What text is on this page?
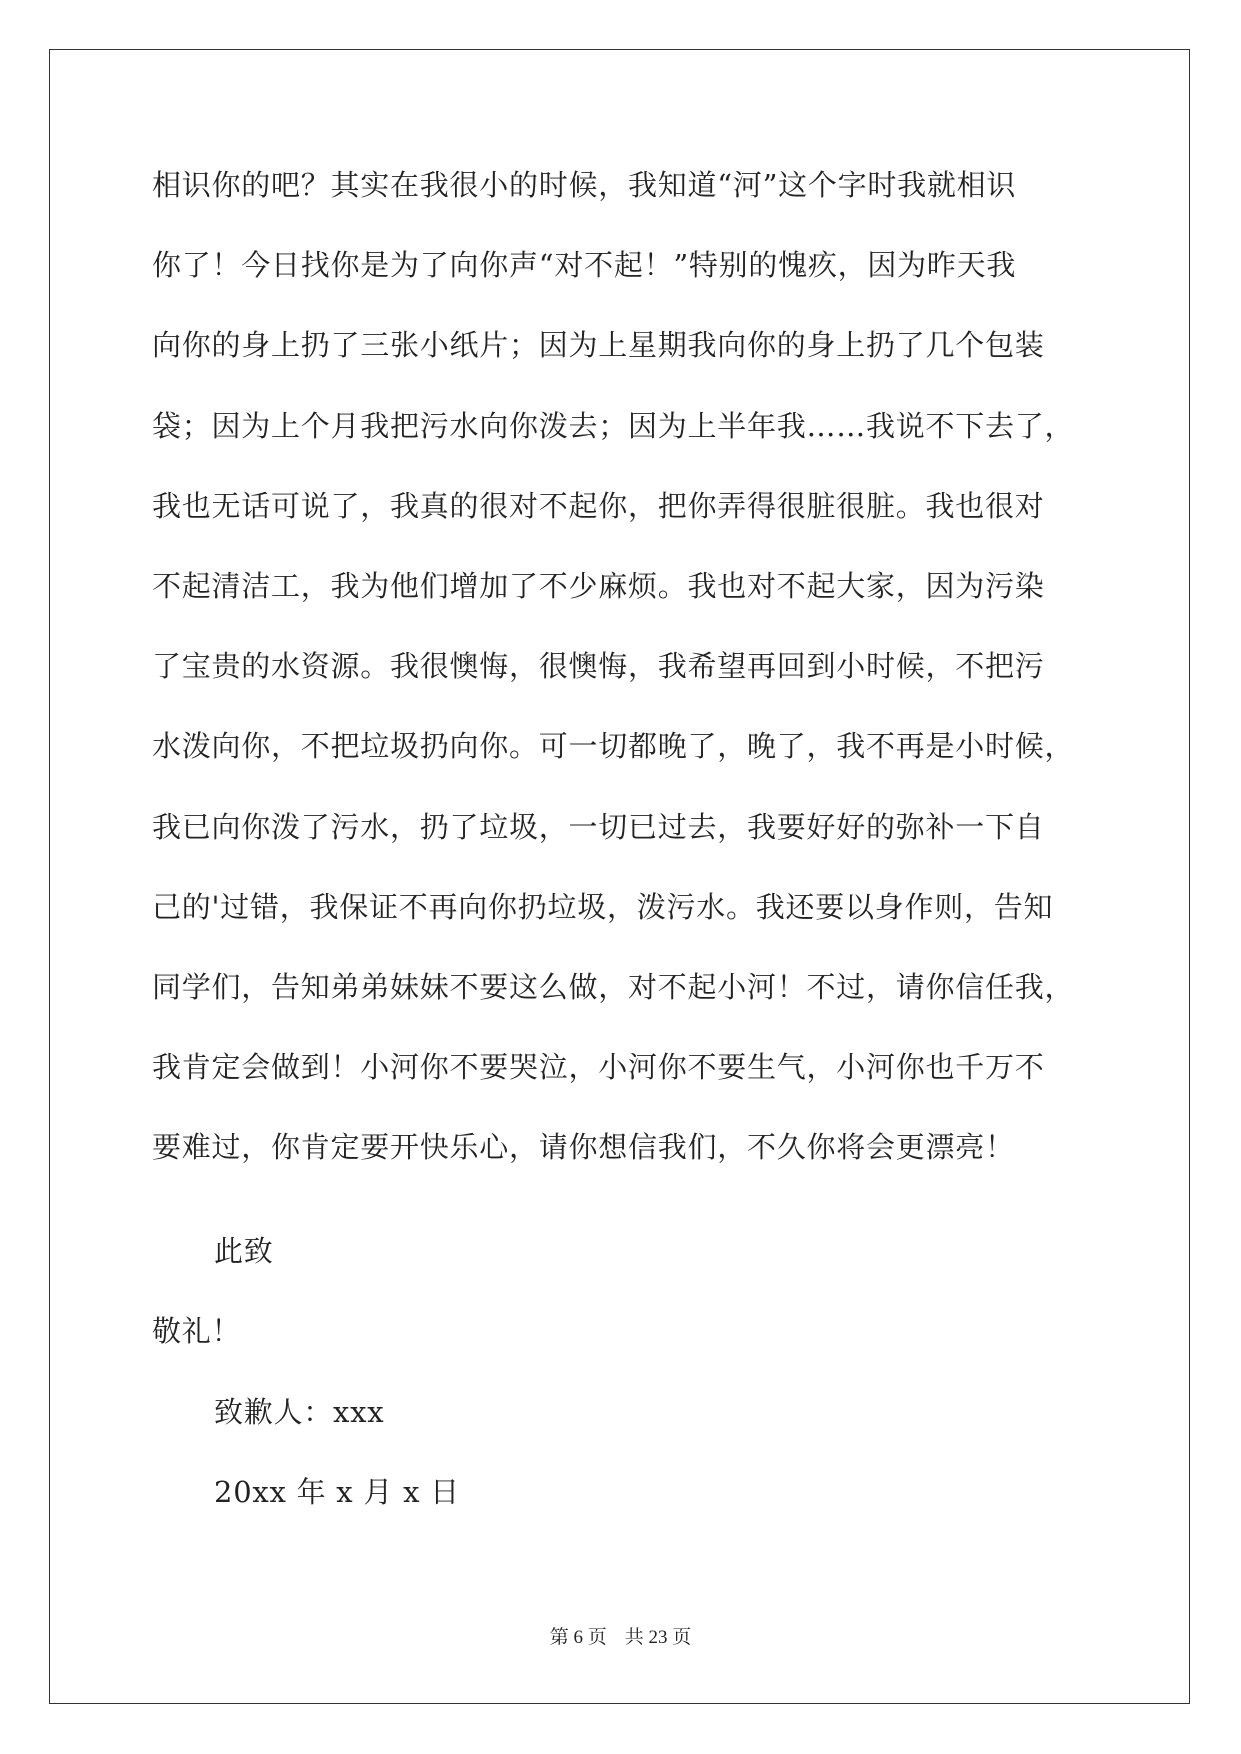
相识你的吧？其实在我很小的时候，我知道“河”这个字时我就相识
你了！今日找你是为了向你声“对不起！”特别的愧疚，因为昨天我
向你的身上扔了三张小纸片；因为上星期我向你的身上扔了几个包装
袋；因为上个月我把污水向你泼去；因为上半年我……我说不下去了，
我也无话可说了，我真的很对不起你，把你弄得很脏很脏。我也很对
不起清洁工，我为他们增加了不少麻烦。我也对不起大家，因为污染
了宝贵的水资源。我很懊悔，很懊悔，我希望再回到小时候，不把污
水泼向你，不把垃圾扔向你。可一切都晚了，晚了，我不再是小时候，
我已向你泼了污水，扔了垃圾，一切已过去，我要好好的弥补一下自
己的'过错，我保证不再向你扔垃圾，泼污水。我还要以身作则，告知
同学们，告知弟弟妹妹不要这么做，对不起小河！不过，请你信任我，
我肯定会做到！小河你不要哭泣，小河你不要生气，小河你也千万不
要难过，你肯定要开快乐心，请你想信我们，不久你将会更漂亮！
此致
敬礼！
致歉人：xxx
20xx 年 x 月 x 日
第 6 页 共 23 页
